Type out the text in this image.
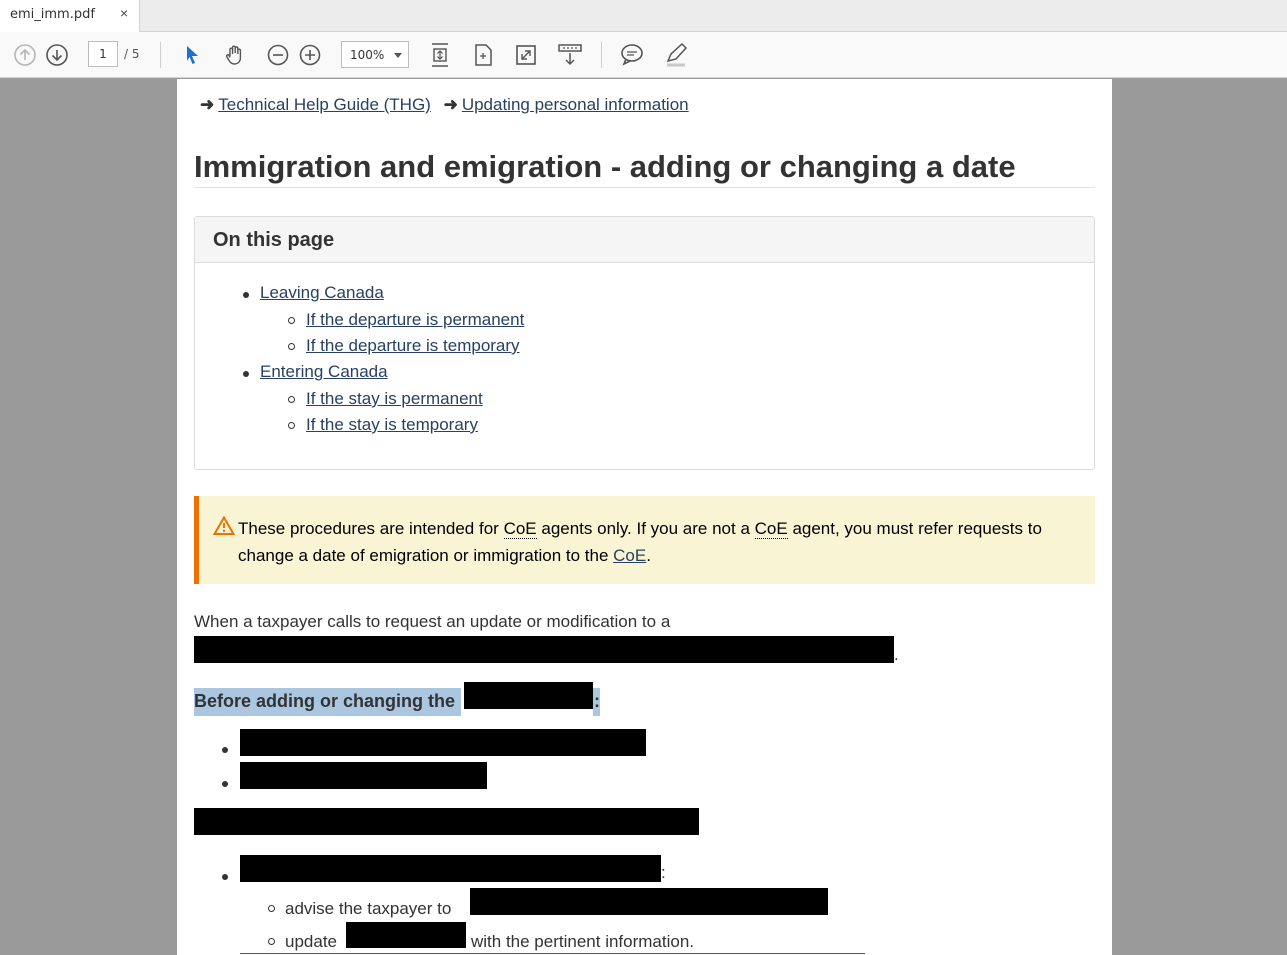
emi_imm.pdf ×
1	/ 5	100%
➜ Technical Help Guide (THG) ➜ Updating personal information
Immigration and emigration - adding or changing a date
On this page
Leaving Canada
If the departure is permanent
If the departure is temporary
Entering Canada
If the stay is permanent
If the stay is temporary
These procedures are intended for CoE agents only. If you are not a CoE agent, you must refer requests to change a date of emigration or immigration to the CoE.
When a taxpayer calls to request an update or modification to a
.
Before adding or changing the	:
:
advise the taxpayer to
update	with the pertinent information.
